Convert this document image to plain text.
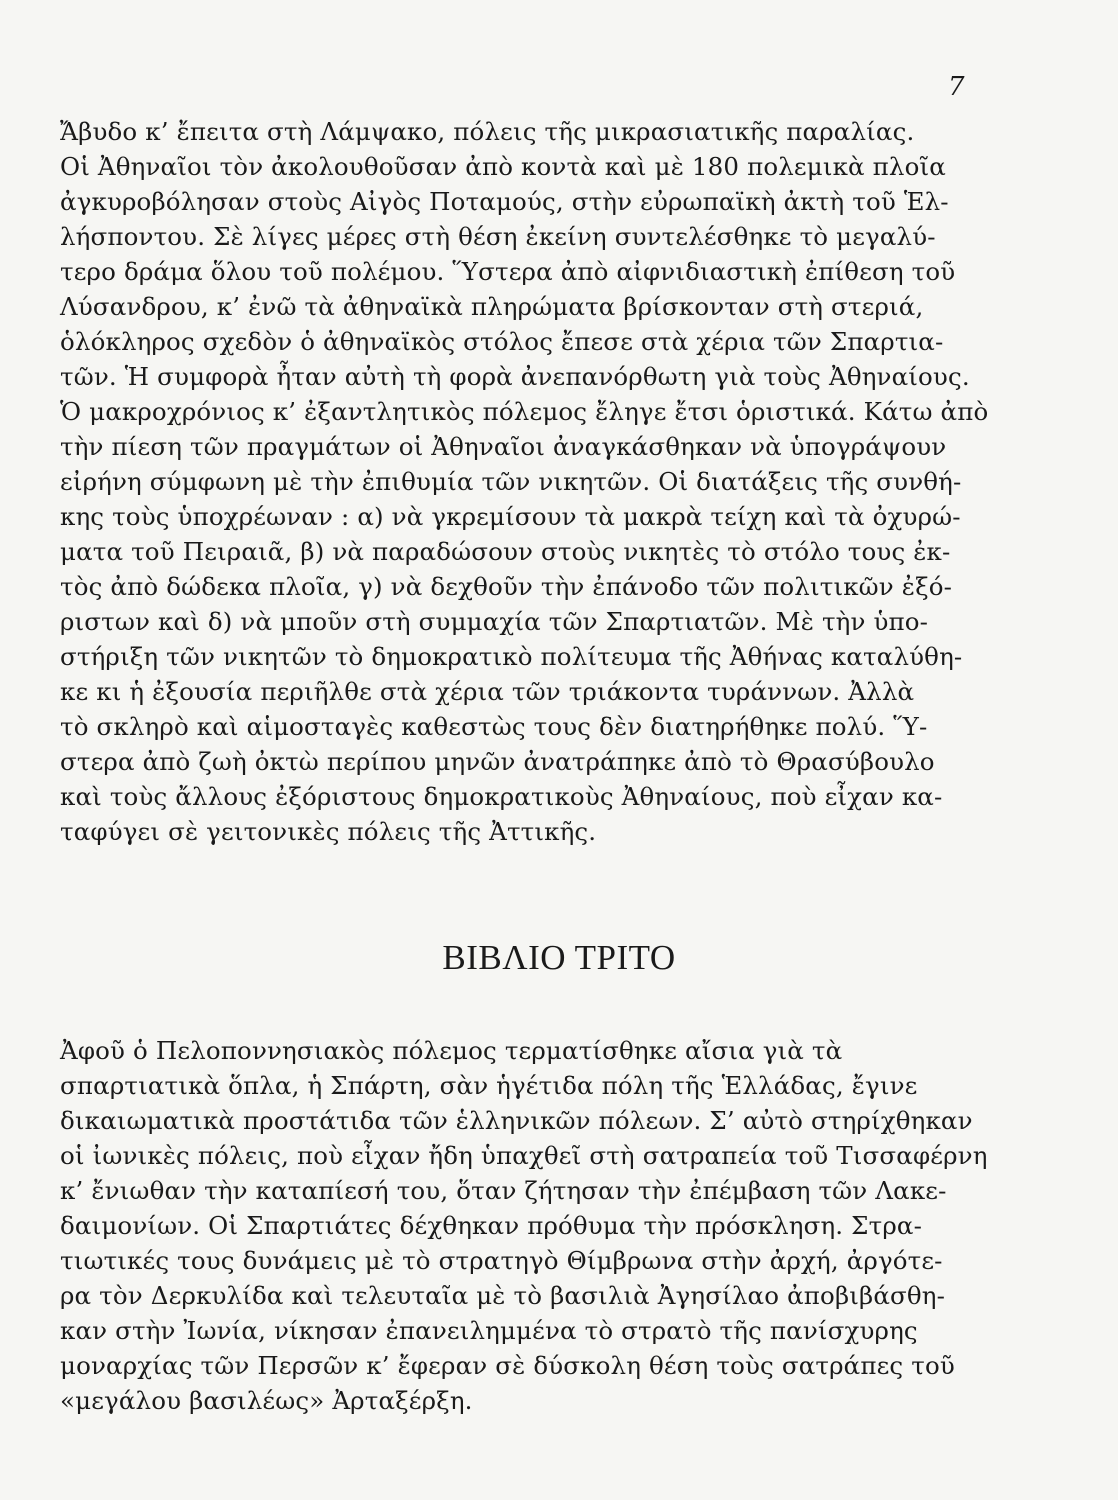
7
Ἄβυδο κ’ ἔπειτα στὴ Λάμψακο, πόλεις τῆς μικρασιατικῆς παραλίας.
Οἱ Ἀθηναῖοι τὸν ἀκολουθοῦσαν ἀπὸ κοντὰ καὶ μὲ 180 πολεμικὰ πλοῖα
ἀγκυροβόλησαν στοὺς Αἰγὸς Ποταμούς, στὴν εὐρωπαϊκὴ ἀκτὴ τοῦ Ἑλ-
λήσποντου. Σὲ λίγες μέρες στὴ θέση ἐκείνη συντελέσθηκε τὸ μεγαλύ-
τερο δράμα ὅλου τοῦ πολέμου. Ὕστερα ἀπὸ αἰφνιδιαστικὴ ἐπίθεση τοῦ
Λύσανδρου, κ’ ἐνῶ τὰ ἀθηναϊκὰ πληρώματα βρίσκονταν στὴ στεριά,
ὁλόκληρος σχεδὸν ὁ ἀθηναϊκὸς στόλος ἔπεσε στὰ χέρια τῶν Σπαρτια-
τῶν. Ἡ συμφορὰ ἦταν αὐτὴ τὴ φορὰ ἀνεπανόρθωτη γιὰ τοὺς Ἀθηναίους.
Ὁ μακροχρόνιος κ’ ἐξαντλητικὸς πόλεμος ἔληγε ἔτσι ὁριστικά. Κάτω ἀπὸ
τὴν πίεση τῶν πραγμάτων οἱ Ἀθηναῖοι ἀναγκάσθηκαν νὰ ὑπογράψουν
εἰρήνη σύμφωνη μὲ τὴν ἐπιθυμία τῶν νικητῶν. Οἱ διατάξεις τῆς συνθή-
κης τοὺς ὑποχρέωναν : α) νὰ γκρεμίσουν τὰ μακρὰ τείχη καὶ τὰ ὀχυρώ-
ματα τοῦ Πειραιᾶ, β) νὰ παραδώσουν στοὺς νικητὲς τὸ στόλο τους ἐκ-
τὸς ἀπὸ δώδεκα πλοῖα, γ) νὰ δεχθοῦν τὴν ἐπάνοδο τῶν πολιτικῶν ἐξό-
ριστων καὶ δ) νὰ μποῦν στὴ συμμαχία τῶν Σπαρτιατῶν. Μὲ τὴν ὑπο-
στήριξη τῶν νικητῶν τὸ δημοκρατικὸ πολίτευμα τῆς Ἀθήνας καταλύθη-
κε κι ἡ ἐξουσία περιῆλθε στὰ χέρια τῶν τριάκοντα τυράννων. Ἀλλὰ
τὸ σκληρὸ καὶ αἱμοσταγὲς καθεστὼς τους δὲν διατηρήθηκε πολύ. Ὕ-
στερα ἀπὸ ζωὴ ὀκτὼ περίπου μηνῶν ἀνατράπηκε ἀπὸ τὸ Θρασύβουλο
καὶ τοὺς ἄλλους ἐξόριστους δημοκρατικοὺς Ἀθηναίους, ποὺ εἶχαν κα-
ταφύγει σὲ γειτονικὲς πόλεις τῆς Ἀττικῆς.
ΒΙΒΛΙΟ ΤΡΙΤΟ
Ἀφοῦ ὁ Πελοποννησιακὸς πόλεμος τερματίσθηκε αἴσια γιὰ τὰ
σπαρτιατικὰ ὅπλα, ἡ Σπάρτη, σὰν ἡγέτιδα πόλη τῆς Ἑλλάδας, ἔγινε
δικαιωματικὰ προστάτιδα τῶν ἑλληνικῶν πόλεων. Σ’ αὐτὸ στηρίχθηκαν
οἱ ἰωνικὲς πόλεις, ποὺ εἶχαν ἤδη ὑπαχθεῖ στὴ σατραπεία τοῦ Τισσαφέρνη
κ’ ἔνιωθαν τὴν καταπίεσή του, ὅταν ζήτησαν τὴν ἐπέμβαση τῶν Λακε-
δαιμονίων. Οἱ Σπαρτιάτες δέχθηκαν πρόθυμα τὴν πρόσκληση. Στρα-
τιωτικές τους δυνάμεις μὲ τὸ στρατηγὸ Θίμβρωνα στὴν ἀρχή, ἀργότε-
ρα τὸν Δερκυλίδα καὶ τελευταῖα μὲ τὸ βασιλιὰ Ἀγησίλαο ἀποβιβάσθη-
καν στὴν Ἰωνία, νίκησαν ἐπανειλημμένα τὸ στρατὸ τῆς πανίσχυρης
μοναρχίας τῶν Περσῶν κ’ ἔφεραν σὲ δύσκολη θέση τοὺς σατράπες τοῦ
«μεγάλου βασιλέως» Ἀρταξέρξη.
